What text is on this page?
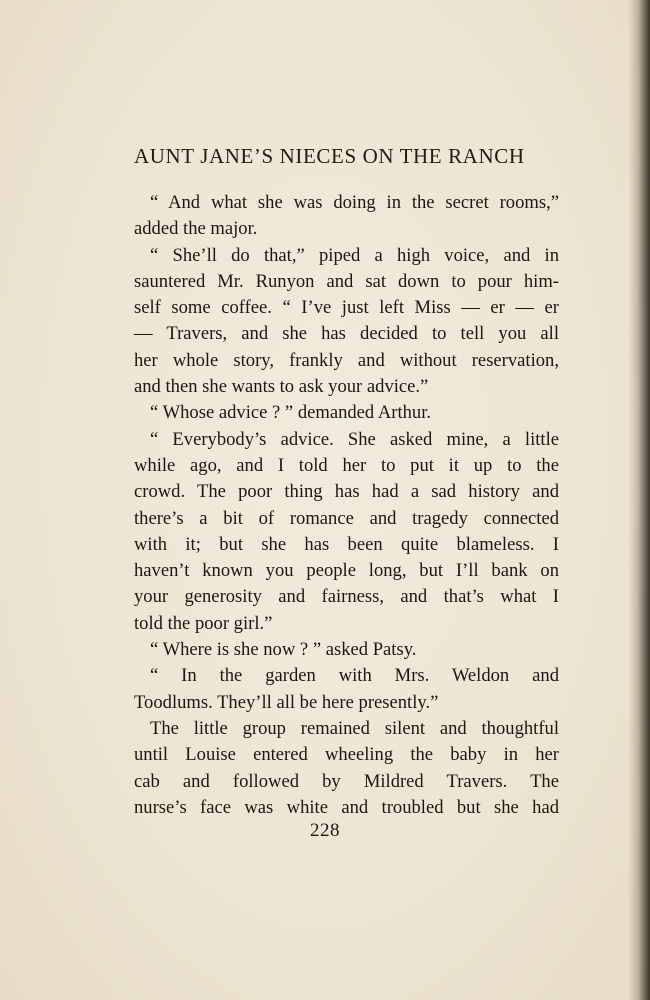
AUNT JANE’S NIECES ON THE RANCH
“ And what she was doing in the secret rooms,”
added the major.
“ She’ll do that,” piped a high voice, and in
sauntered Mr. Runyon and sat down to pour him-
self some coffee. “ I’ve just left Miss — er — er
— Travers, and she has decided to tell you all
her whole story, frankly and without reservation,
and then she wants to ask your advice.”
“ Whose advice ? ” demanded Arthur.
“ Everybody’s advice. She asked mine, a little
while ago, and I told her to put it up to the
crowd. The poor thing has had a sad history and
there’s a bit of romance and tragedy connected
with it; but she has been quite blameless. I
haven’t known you people long, but I’ll bank on
your generosity and fairness, and that’s what I
told the poor girl.”
“ Where is she now ? ” asked Patsy.
“ In the garden with Mrs. Weldon and
Toodlums. They’ll all be here presently.”
The little group remained silent and thoughtful
until Louise entered wheeling the baby in her
cab and followed by Mildred Travers. The
nurse’s face was white and troubled but she had
228
